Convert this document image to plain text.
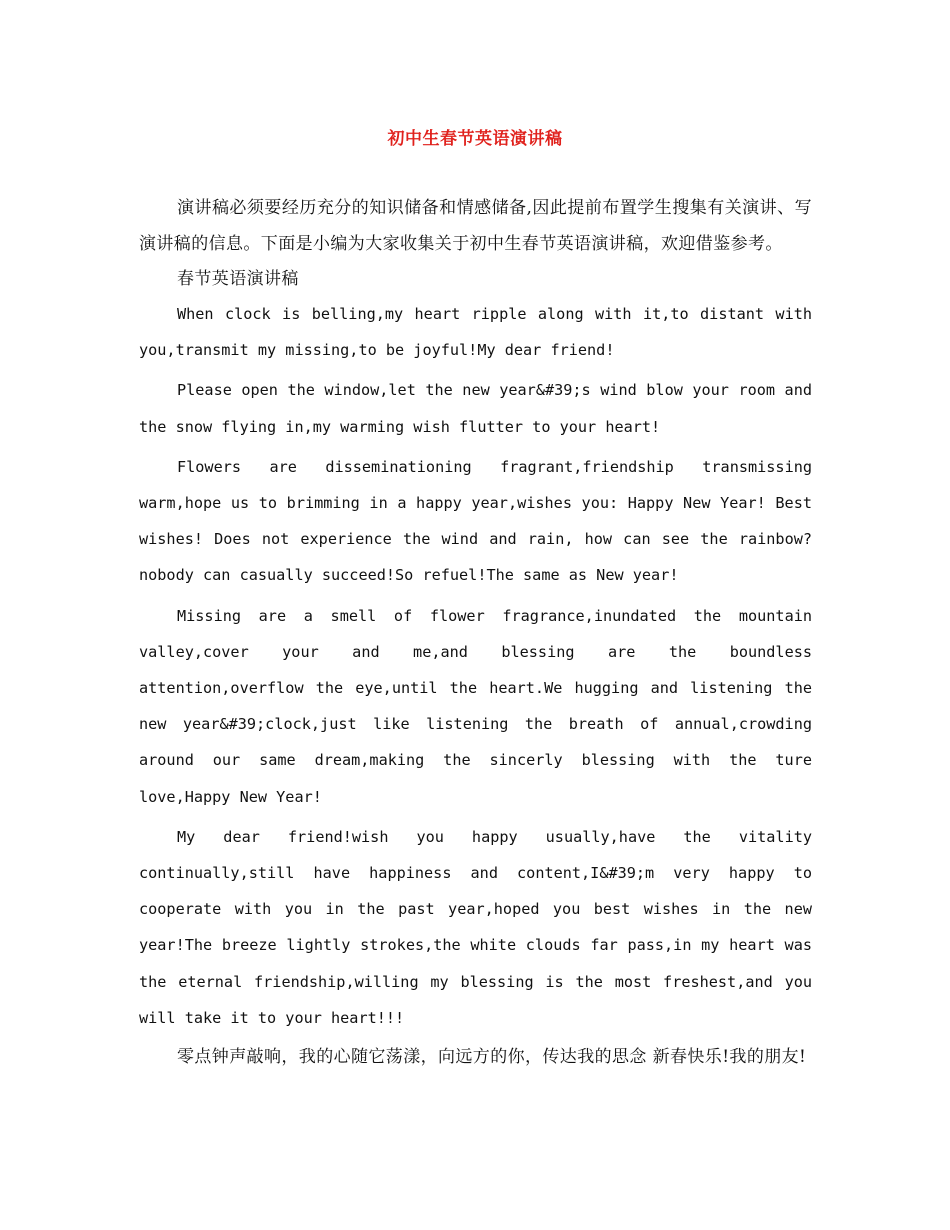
初中生春节英语演讲稿

演讲稿必须要经历充分的知识储备和情感储备,因此提前布置学生搜集有关演讲、写演讲稿的信息。下面是小编为大家收集关于初中生春节英语演讲稿，欢迎借鉴参考。

春节英语演讲稿

When clock is belling,my heart ripple along with it,to distant with you,transmit my missing,to be joyful!My dear friend!

Please open the window,let the new year&#39;s wind blow your room and the snow flying in,my warming wish flutter to your heart!

Flowers are disseminationing fragrant,friendship transmissing warm,hope us to brimming in a happy year,wishes you: Happy New Year! Best wishes! Does not experience the wind and rain, how can see the rainbow?nobody can casually succeed!So refuel!The same as New year!

Missing are a smell of flower fragrance,inundated the mountain valley,cover your and me,and blessing are the boundless attention,overflow the eye,until the heart.We hugging and listening the new year&#39;clock,just like listening the breath of annual,crowding around our same dream,making the sincerly blessing with the ture love,Happy New Year!

My dear friend!wish you happy usually,have the vitality continually,still have happiness and content,I&#39;m very happy to cooperate with you in the past year,hoped you best wishes in the new year!The breeze lightly strokes,the white clouds far pass,in my heart was the eternal friendship,willing my blessing is the most freshest,and you will take it to your heart!!!

零点钟声敲响，我的心随它荡漾，向远方的你，传达我的思念 新春快乐!我的朋友!
